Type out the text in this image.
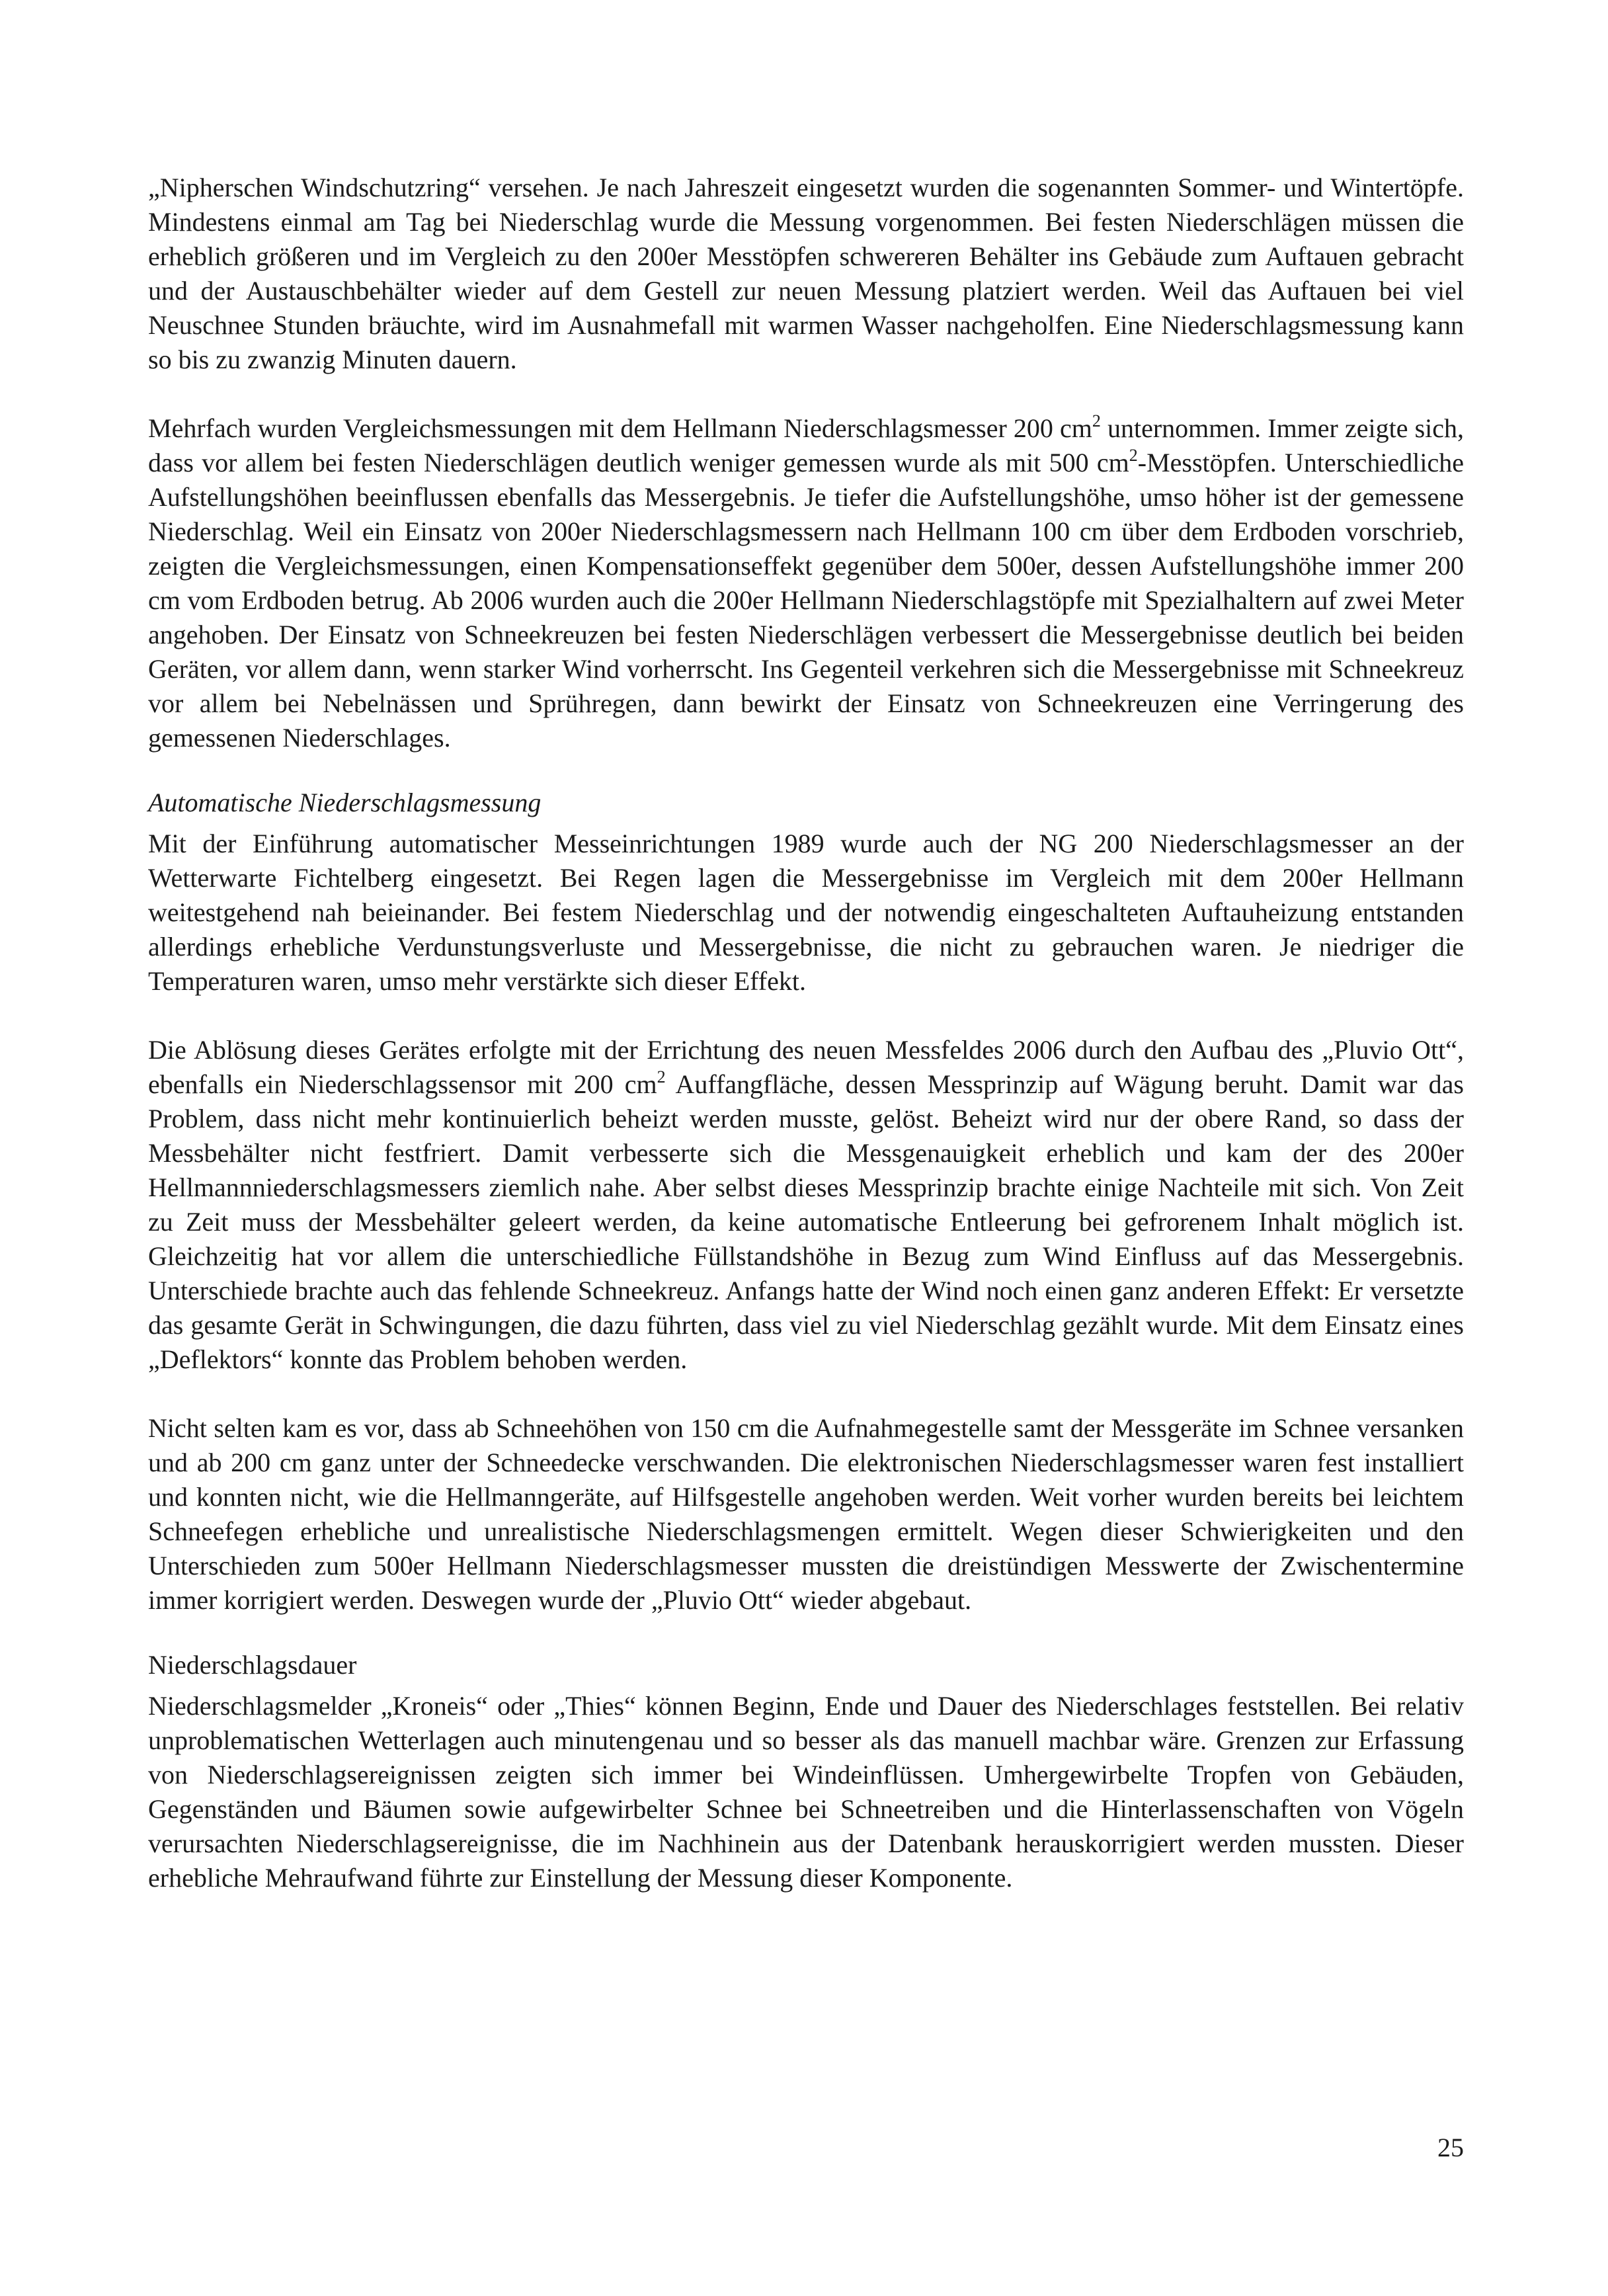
„Nipherschen Windschutzring“ versehen. Je nach Jahreszeit eingesetzt wurden die sogenannten Sommer- und Wintertöpfe. Mindestens einmal am Tag bei Niederschlag wurde die Messung vorgenommen. Bei festen Niederschlägen müssen die erheblich größeren und im Vergleich zu den 200er Messtöpfen schwereren Behälter ins Gebäude zum Auftauen gebracht und der Austauschbehälter wieder auf dem Gestell zur neuen Messung platziert werden. Weil das Auftauen bei viel Neuschnee Stunden bräuchte, wird im Ausnahmefall mit warmen Wasser nachgeholfen. Eine Niederschlagsmessung kann so bis zu zwanzig Minuten dauern.

Mehrfach wurden Vergleichsmessungen mit dem Hellmann Niederschlagsmesser 200 $cm^2$ unternommen. Immer zeigte sich, dass vor allem bei festen Niederschlägen deutlich weniger gemessen wurde als mit 500 $cm^2$-Messtöpfen. Unterschiedliche Aufstellungshöhen beeinflussen ebenfalls das Messergebnis. Je tiefer die Aufstellungshöhe, umso höher ist der gemessene Niederschlag. Weil ein Einsatz von 200er Niederschlagsmessern nach Hellmann 100 cm über dem Erdboden vorschrieb, zeigten die Vergleichsmessungen, einen Kompensationseffekt gegenüber dem 500er, dessen Aufstellungshöhe immer 200 cm vom Erdboden betrug. Ab 2006 wurden auch die 200er Hellmann Niederschlagstöpfe mit Spezialhaltern auf zwei Meter angehoben. Der Einsatz von Schneekreuzen bei festen Niederschlägen verbessert die Messergebnisse deutlich bei beiden Geräten, vor allem dann, wenn starker Wind vorherrscht. Ins Gegenteil verkehren sich die Messergebnisse mit Schneekreuz vor allem bei Nebelnässen und Sprühregen, dann bewirkt der Einsatz von Schneekreuzen eine Verringerung des gemessenen Niederschlages.

Automatische Niederschlagsmessung

Mit der Einführung automatischer Messeinrichtungen 1989 wurde auch der NG 200 Niederschlagsmesser an der Wetterwarte Fichtelberg eingesetzt. Bei Regen lagen die Messergebnisse im Vergleich mit dem 200er Hellmann weitestgehend nah beieinander. Bei festem Niederschlag und der notwendig eingeschalteten Auftauheizung entstanden allerdings erhebliche Verdunstungsverluste und Messergebnisse, die nicht zu gebrauchen waren. Je niedriger die Temperaturen waren, umso mehr verstärkte sich dieser Effekt.

Die Ablösung dieses Gerätes erfolgte mit der Errichtung des neuen Messfeldes 2006 durch den Aufbau des „Pluvio Ott“, ebenfalls ein Niederschlagssensor mit 200 $cm^2$ Auffangfläche, dessen Messprinzip auf Wägung beruht. Damit war das Problem, dass nicht mehr kontinuierlich beheizt werden musste, gelöst. Beheizt wird nur der obere Rand, so dass der Messbehälter nicht festfriert. Damit verbesserte sich die Messgenauigkeit erheblich und kam der des 200er Hellmannniederschlagsmessers ziemlich nahe. Aber selbst dieses Messprinzip brachte einige Nachteile mit sich. Von Zeit zu Zeit muss der Messbehälter geleert werden, da keine automatische Entleerung bei gefrorenem Inhalt möglich ist. Gleichzeitig hat vor allem die unterschiedliche Füllstandshöhe in Bezug zum Wind Einfluss auf das Messergebnis. Unterschiede brachte auch das fehlende Schneekreuz. Anfangs hatte der Wind noch einen ganz anderen Effekt: Er versetzte das gesamte Gerät in Schwingungen, die dazu führten, dass viel zu viel Niederschlag gezählt wurde. Mit dem Einsatz eines „Deflektors“ konnte das Problem behoben werden.

Nicht selten kam es vor, dass ab Schneehöhen von 150 cm die Aufnahmegestelle samt der Messgeräte im Schnee versanken und ab 200 cm ganz unter der Schneedecke verschwanden. Die elektronischen Niederschlagsmesser waren fest installiert und konnten nicht, wie die Hellmanngeräte, auf Hilfsgestelle angehoben werden. Weit vorher wurden bereits bei leichtem Schneefegen erhebliche und unrealistische Niederschlagsmengen ermittelt. Wegen dieser Schwierigkeiten und den Unterschieden zum 500er Hellmann Niederschlagsmesser mussten die dreistündigen Messwerte der Zwischentermine immer korrigiert werden. Deswegen wurde der „Pluvio Ott“ wieder abgebaut.

Niederschlagsdauer

Niederschlagsmelder „Kroneis“ oder „Thies“ können Beginn, Ende und Dauer des Niederschlages feststellen. Bei relativ unproblematischen Wetterlagen auch minutengenau und so besser als das manuell machbar wäre. Grenzen zur Erfassung von Niederschlagsereignissen zeigten sich immer bei Windeinflüssen. Umhergewirbelte Tropfen von Gebäuden, Gegenständen und Bäumen sowie aufgewirbelter Schnee bei Schneetreiben und die Hinterlassenschaften von Vögeln verursachten Niederschlagsereignisse, die im Nachhinein aus der Datenbank herauskorrigiert werden mussten. Dieser erhebliche Mehraufwand führte zur Einstellung der Messung dieser Komponente.

25
